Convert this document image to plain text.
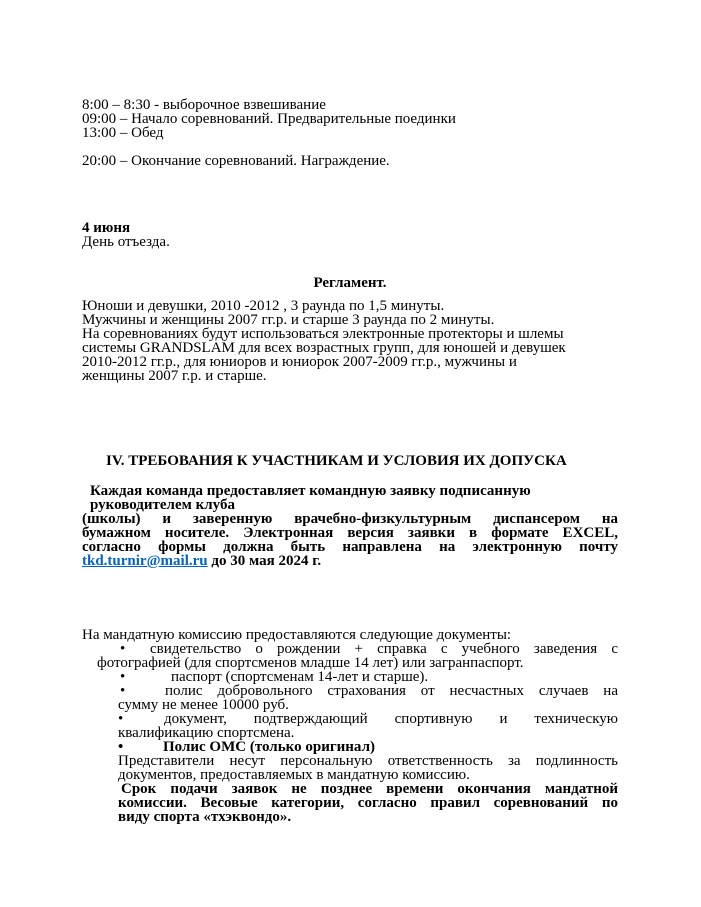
8:00 – 8:30 - выборочное взвешивание
09:00 – Начало соревнований. Предварительные поединки
13:00 – Обед
20:00 – Окончание соревнований. Награждение.
4 июня
День отъезда.
Регламент.
Юноши и девушки, 2010 -2012 , 3 раунда по 1,5 минуты.
Мужчины и женщины 2007 гг.р. и старше 3 раунда по 2 минуты.
На соревнованиях будут использоваться электронные протекторы и шлемы
системы GRANDSLAM для всех возрастных групп, для юношей и девушек
2010-2012 гг.р., для юниоров и юниорок 2007-2009 гг.р., мужчины и
женщины 2007 г.р. и старше.
IV. ТРЕБОВАНИЯ К УЧАСТНИКАМ И УСЛОВИЯ ИХ ДОПУСКА
Каждая команда предоставляет командную заявку подписанную
руководителем клуба
(школы) и заверенную врачебно-физкультурным диспансером на
бумажном носителе. Электронная версия заявки в формате EXCEL,
согласно формы должна быть направлена на электронную почту
tkd.turnir@mail.ru до 30 мая 2024 г.
На мандатную комиссию предоставляются следующие документы:
• свидетельство о рождении + справка с учебного заведения с
фотографией (для спортсменов младше 14 лет) или загранпаспорт.
•	паспорт (спортсменам 14-лет и старше).
•	полис добровольного страхования от несчастных случаев на
сумму не менее 10000 руб.
•	документ, подтверждающий спортивную и техническую
квалификацию спортсмена.
•	Полис ОМС (только оригинал)
Представители несут персональную ответственность за подлинность
документов, предоставляемых в мандатную комиссию.
Срок подачи заявок не позднее времени окончания мандатной
комиссии. Весовые категории, согласно правил соревнований по
виду спорта «тхэквондо».
